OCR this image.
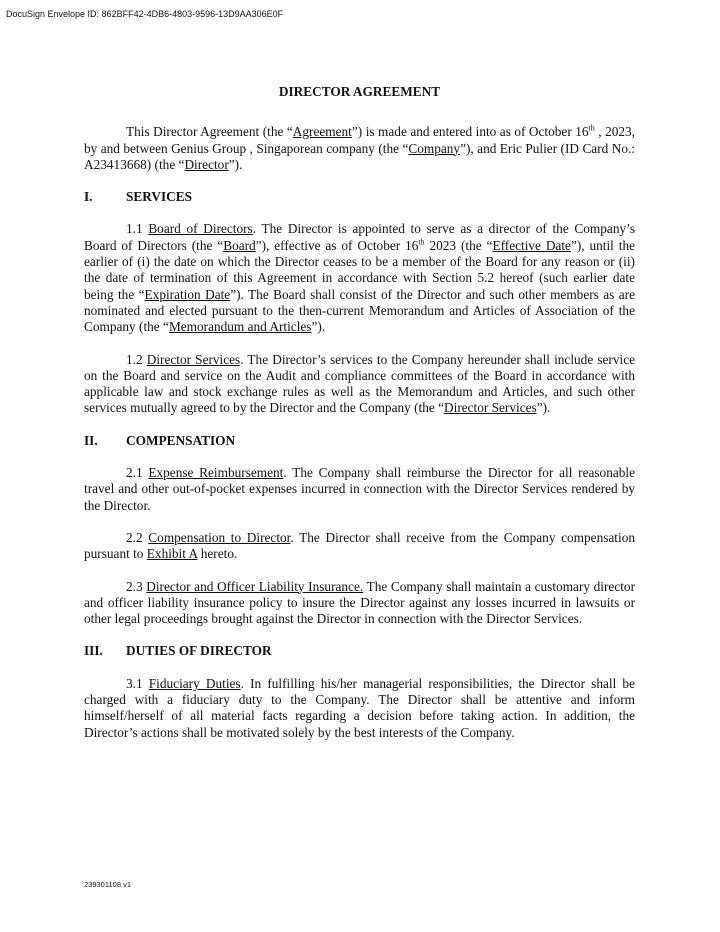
DocuSign Envelope ID: 862BFF42-4DB6-4803-9596-13D9AA306E0F
DIRECTOR AGREEMENT

This Director Agreement (the “Agreement”) is made and entered into as of October 16th , 2023, by and between Genius Group , Singaporean company (the “Company”), and Eric Pulier (ID Card No.: A23413668) (the “Director”).

I.	SERVICES

1.1 Board of Directors. The Director is appointed to serve as a director of the Company’s Board of Directors (the “Board”), effective as of October 16th 2023 (the “Effective Date”), until the earlier of (i) the date on which the Director ceases to be a member of the Board for any reason or (ii) the date of termination of this Agreement in accordance with Section 5.2 hereof (such earlier date being the “Expiration Date”). The Board shall consist of the Director and such other members as are nominated and elected pursuant to the then-current Memorandum and Articles of Association of the Company (the “Memorandum and Articles”).

1.2 Director Services. The Director’s services to the Company hereunder shall include service on the Board and service on the Audit and compliance committees of the Board in accordance with applicable law and stock exchange rules as well as the Memorandum and Articles, and such other services mutually agreed to by the Director and the Company (the “Director Services”).

II.	COMPENSATION

2.1 Expense Reimbursement. The Company shall reimburse the Director for all reasonable travel and other out-of-pocket expenses incurred in connection with the Director Services rendered by the Director.

2.2 Compensation to Director. The Director shall receive from the Company compensation pursuant to Exhibit A hereto.

2.3 Director and Officer Liability Insurance. The Company shall maintain a customary director and officer liability insurance policy to insure the Director against any losses incurred in lawsuits or other legal proceedings brought against the Director in connection with the Director Services.

III.	DUTIES OF DIRECTOR

3.1 Fiduciary Duties. In fulfilling his/her managerial responsibilities, the Director shall be charged with a fiduciary duty to the Company. The Director shall be attentive and inform himself/herself of all material facts regarding a decision before taking action. In addition, the Director’s actions shall be motivated solely by the best interests of the Company.

239301108 v1
